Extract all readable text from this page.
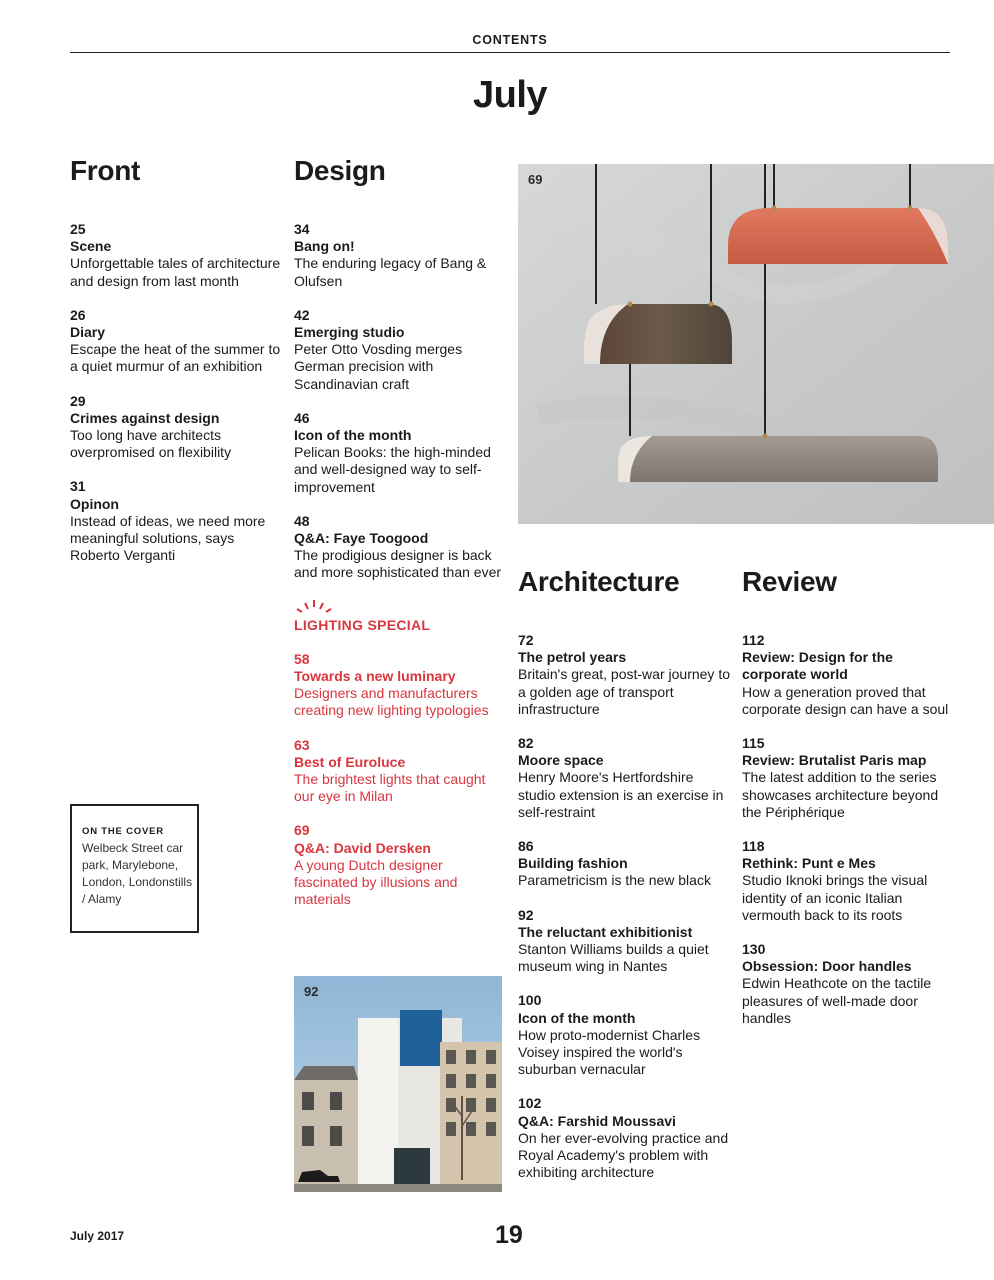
CONTENTS
July
Front	Design
Architecture Review
25
Scene
Unforgettable tales of architecture and design from last month
26
Diary
Escape the heat of the summer to a quiet murmur of an exhibition
29
Crimes against design
Too long have architects overpromised on flexibility
31
Opinon
Instead of ideas, we need more meaningful solutions, says Roberto Verganti
34
Bang on!
The enduring legacy of Bang & Olufsen
42
Emerging studio
Peter Otto Vosding merges German precision with Scandinavian craft
46
Icon of the month
Pelican Books: the high-minded and well-designed way to self-improvement
48
Q&A: Faye Toogood
The prodigious designer is back and more sophisticated than ever
LIGHTING SPECIAL
58
Towards a new luminary
Designers and manufacturers creating new lighting typologies
63
Best of Euroluce
The brightest lights that caught our eye in Milan
69
Q&A: David Dersken
A young Dutch designer fascinated by illusions and materials
72
The petrol years
Britain's great, post-war journey to a golden age of transport infrastructure
82
Moore space
Henry Moore's Hertfordshire studio extension is an exercise in self-restraint
86
Building fashion
Parametricism is the new black
92
The reluctant exhibitionist
Stanton Williams builds a quiet museum wing in Nantes
100
Icon of the month
How proto-modernist Charles Voisey inspired the world's suburban vernacular
102
Q&A: Farshid Moussavi
On her ever-evolving practice and Royal Academy's problem with exhibiting architecture
112
Review: Design for the corporate world
How a generation proved that corporate design can have a soul
115
Review: Brutalist Paris map
The latest addition to the series showcases architecture beyond the Périphérique
118
Rethink: Punt e Mes
Studio Iknoki brings the visual identity of an iconic Italian vermouth back to its roots
130
Obsession: Door handles
Edwin Heathcote on the tactile pleasures of well-made door handles
ON THE COVER
Welbeck Street car park, Marylebone, London, Londonstills / Alamy
69
92
July 2017	19
